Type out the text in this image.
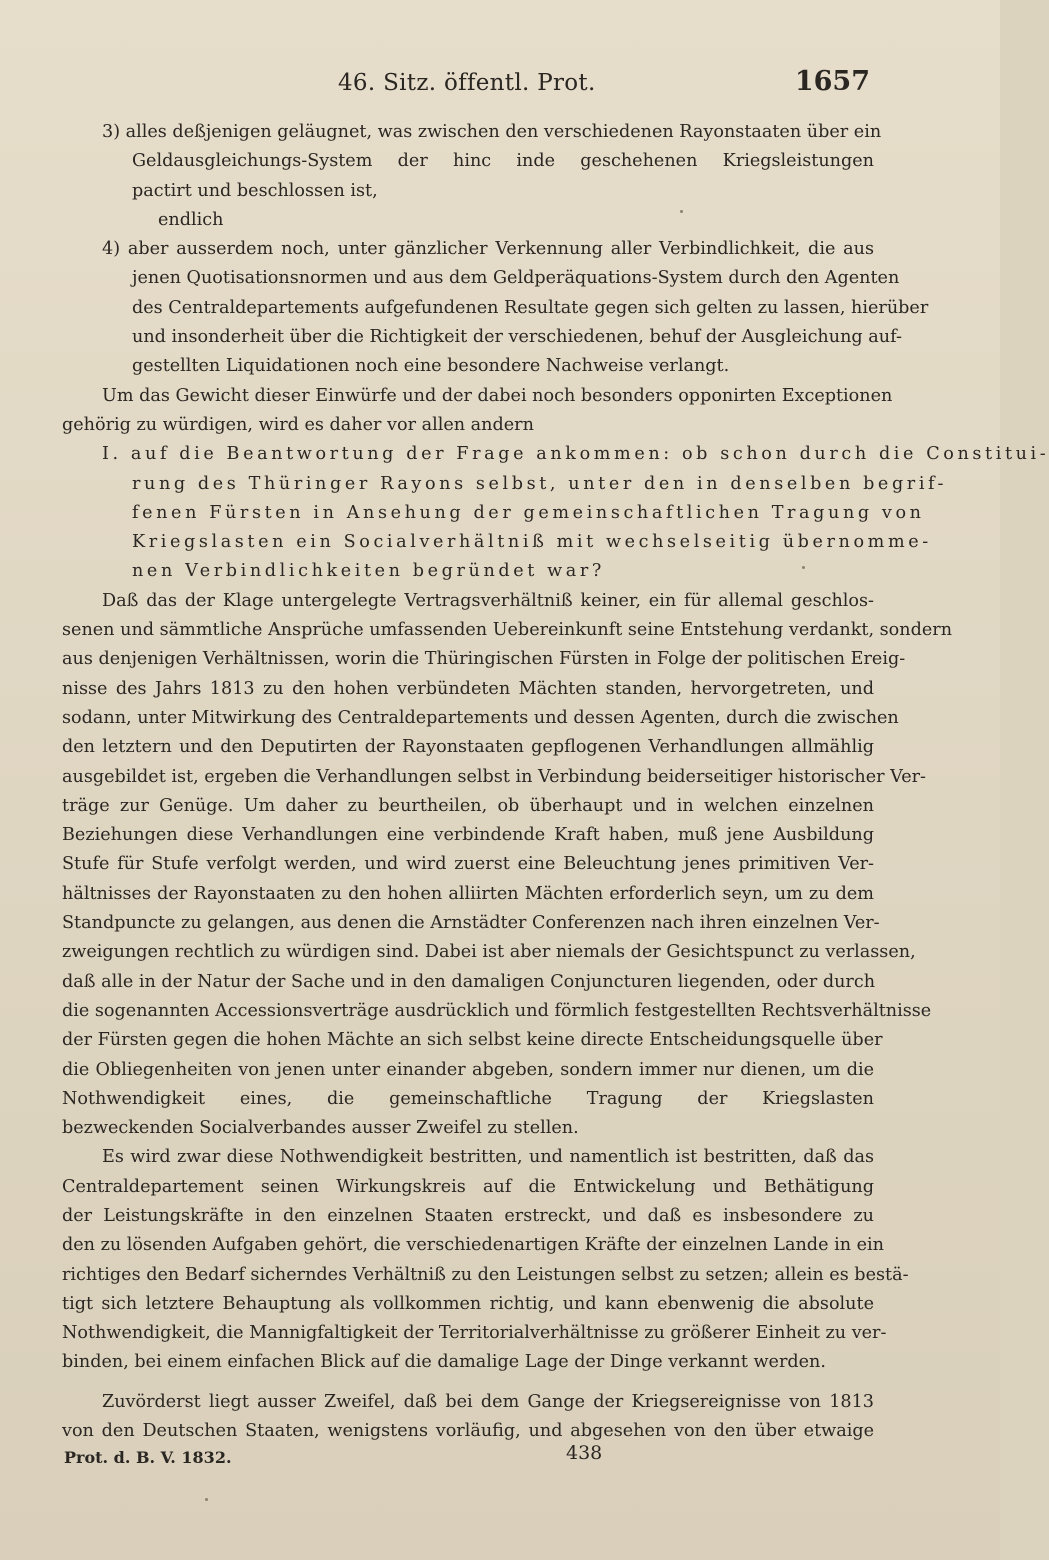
46. Sitz. öffentl. Prot.	1657
3) alles deßjenigen geläugnet, was zwischen den verschiedenen Rayonstaaten über ein
Geldausgleichungs-System der hinc inde geschehenen Kriegsleistungen
pactirt und beschlossen ist,
endlich
4) aber ausserdem noch, unter gänzlicher Verkennung aller Verbindlichkeit, die aus
jenen Quotisationsnormen und aus dem Geldperäquations-System durch den Agenten
des Centraldepartements aufgefundenen Resultate gegen sich gelten zu lassen, hierüber
und insonderheit über die Richtigkeit der verschiedenen, behuf der Ausgleichung auf-
gestellten Liquidationen noch eine besondere Nachweise verlangt.
Um das Gewicht dieser Einwürfe und der dabei noch besonders opponirten Exceptionen
gehörig zu würdigen, wird es daher vor allen andern
I. auf die Beantwortung der Frage ankommen: ob schon durch die Constitui-
rung des Thüringer Rayons selbst, unter den in denselben begrif-
fenen Fürsten in Ansehung der gemeinschaftlichen Tragung von
Kriegslasten ein Socialverhältniß mit wechselseitig übernomme-
nen Verbindlichkeiten begründet war?
Daß das der Klage untergelegte Vertragsverhältniß keiner, ein für allemal geschlos-
senen und sämmtliche Ansprüche umfassenden Uebereinkunft seine Entstehung verdankt, sondern
aus denjenigen Verhältnissen, worin die Thüringischen Fürsten in Folge der politischen Ereig-
nisse des Jahrs 1813 zu den hohen verbündeten Mächten standen, hervorgetreten, und
sodann, unter Mitwirkung des Centraldepartements und dessen Agenten, durch die zwischen
den letztern und den Deputirten der Rayonstaaten gepflogenen Verhandlungen allmählig
ausgebildet ist, ergeben die Verhandlungen selbst in Verbindung beiderseitiger historischer Ver-
träge zur Genüge. Um daher zu beurtheilen, ob überhaupt und in welchen einzelnen
Beziehungen diese Verhandlungen eine verbindende Kraft haben, muß jene Ausbildung
Stufe für Stufe verfolgt werden, und wird zuerst eine Beleuchtung jenes primitiven Ver-
hältnisses der Rayonstaaten zu den hohen alliirten Mächten erforderlich seyn, um zu dem
Standpuncte zu gelangen, aus denen die Arnstädter Conferenzen nach ihren einzelnen Ver-
zweigungen rechtlich zu würdigen sind. Dabei ist aber niemals der Gesichtspunct zu verlassen,
daß alle in der Natur der Sache und in den damaligen Conjuncturen liegenden, oder durch
die sogenannten Accessionsverträge ausdrücklich und förmlich festgestellten Rechtsverhältnisse
der Fürsten gegen die hohen Mächte an sich selbst keine directe Entscheidungsquelle über
die Obliegenheiten von jenen unter einander abgeben, sondern immer nur dienen, um die
Nothwendigkeit eines, die gemeinschaftliche Tragung der Kriegslasten
bezweckenden Socialverbandes ausser Zweifel zu stellen.
Es wird zwar diese Nothwendigkeit bestritten, und namentlich ist bestritten, daß das
Centraldepartement seinen Wirkungskreis auf die Entwickelung und Bethätigung
der Leistungskräfte in den einzelnen Staaten erstreckt, und daß es insbesondere zu
den zu lösenden Aufgaben gehört, die verschiedenartigen Kräfte der einzelnen Lande in ein
richtiges den Bedarf sicherndes Verhältniß zu den Leistungen selbst zu setzen; allein es bestä-
tigt sich letztere Behauptung als vollkommen richtig, und kann ebenwenig die absolute
Nothwendigkeit, die Mannigfaltigkeit der Territorialverhältnisse zu größerer Einheit zu ver-
binden, bei einem einfachen Blick auf die damalige Lage der Dinge verkannt werden.
Zuvörderst liegt ausser Zweifel, daß bei dem Gange der Kriegsereignisse von 1813
von den Deutschen Staaten, wenigstens vorläufig, und abgesehen von den über etwaige
Prot. d. B. V. 1832.	438
